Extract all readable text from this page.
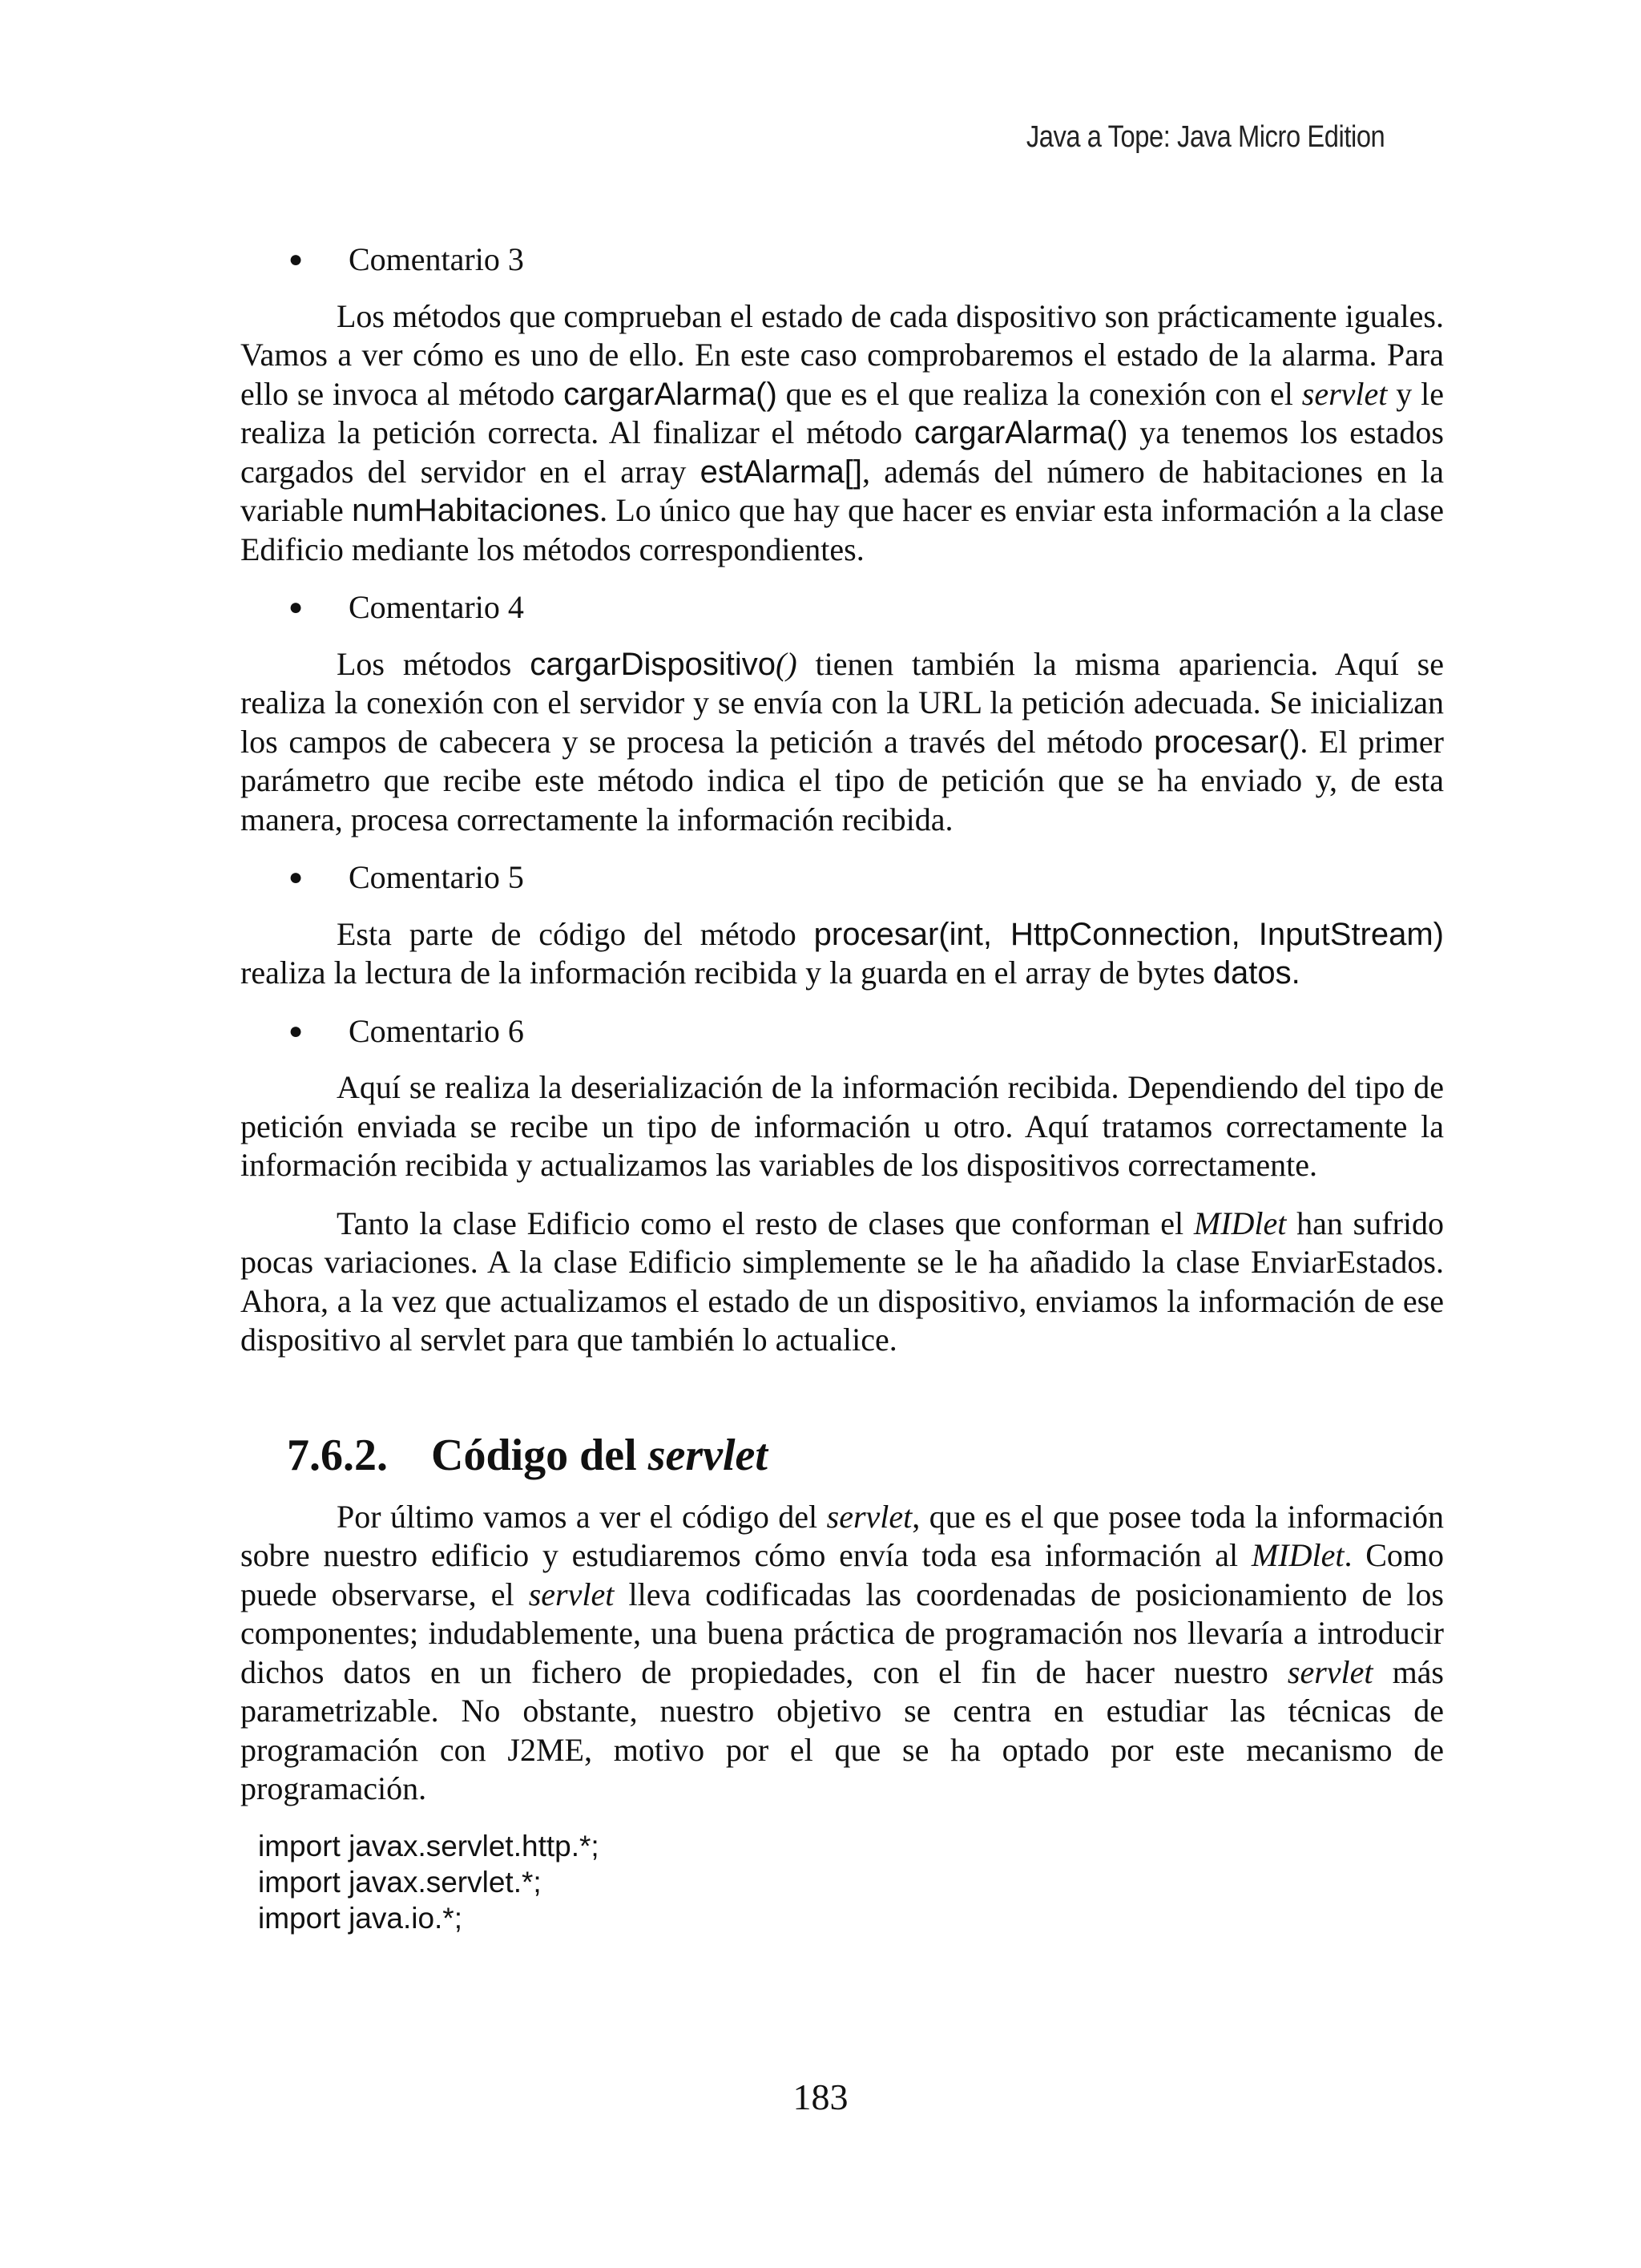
Java a Tope: Java Micro Edition
● Comentario 3

Los métodos que comprueban el estado de cada dispositivo son prácticamente iguales. Vamos a ver cómo es uno de ello. En este caso comprobaremos el estado de la alarma. Para ello se invoca al método cargarAlarma() que es el que realiza la conexión con el servlet y le realiza la petición correcta. Al finalizar el método cargarAlarma() ya tenemos los estados cargados del servidor en el array estAlarma[], además del número de habitaciones en la variable numHabitaciones. Lo único que hay que hacer es enviar esta información a la clase Edificio mediante los métodos correspondientes.

● Comentario 4

Los métodos cargarDispositivo() tienen también la misma apariencia. Aquí se realiza la conexión con el servidor y se envía con la URL la petición adecuada. Se inicializan los campos de cabecera y se procesa la petición a través del método procesar(). El primer parámetro que recibe este método indica el tipo de petición que se ha enviado y, de esta manera, procesa correctamente la información recibida.

● Comentario 5

Esta parte de código del método procesar(int, HttpConnection, InputStream) realiza la lectura de la información recibida y la guarda en el array de bytes datos.

● Comentario 6

Aquí se realiza la deserialización de la información recibida. Dependiendo del tipo de petición enviada se recibe un tipo de información u otro. Aquí tratamos correctamente la información recibida y actualizamos las variables de los dispositivos correctamente.

Tanto la clase Edificio como el resto de clases que conforman el MIDlet han sufrido pocas variaciones. A la clase Edificio simplemente se le ha añadido la clase EnviarEstados. Ahora, a la vez que actualizamos el estado de un dispositivo, enviamos la información de ese dispositivo al servlet para que también lo actualice.

7.6.2. Código del servlet

Por último vamos a ver el código del servlet, que es el que posee toda la información sobre nuestro edificio y estudiaremos cómo envía toda esa información al MIDlet. Como puede observarse, el servlet lleva codificadas las coordenadas de posicionamiento de los componentes; indudablemente, una buena práctica de programación nos llevaría a introducir dichos datos en un fichero de propiedades, con el fin de hacer nuestro servlet más parametrizable. No obstante, nuestro objetivo se centra en estudiar las técnicas de programación con J2ME, motivo por el que se ha optado por este mecanismo de programación.

import javax.servlet.http.*;
import javax.servlet.*;
import java.io.*;
183
